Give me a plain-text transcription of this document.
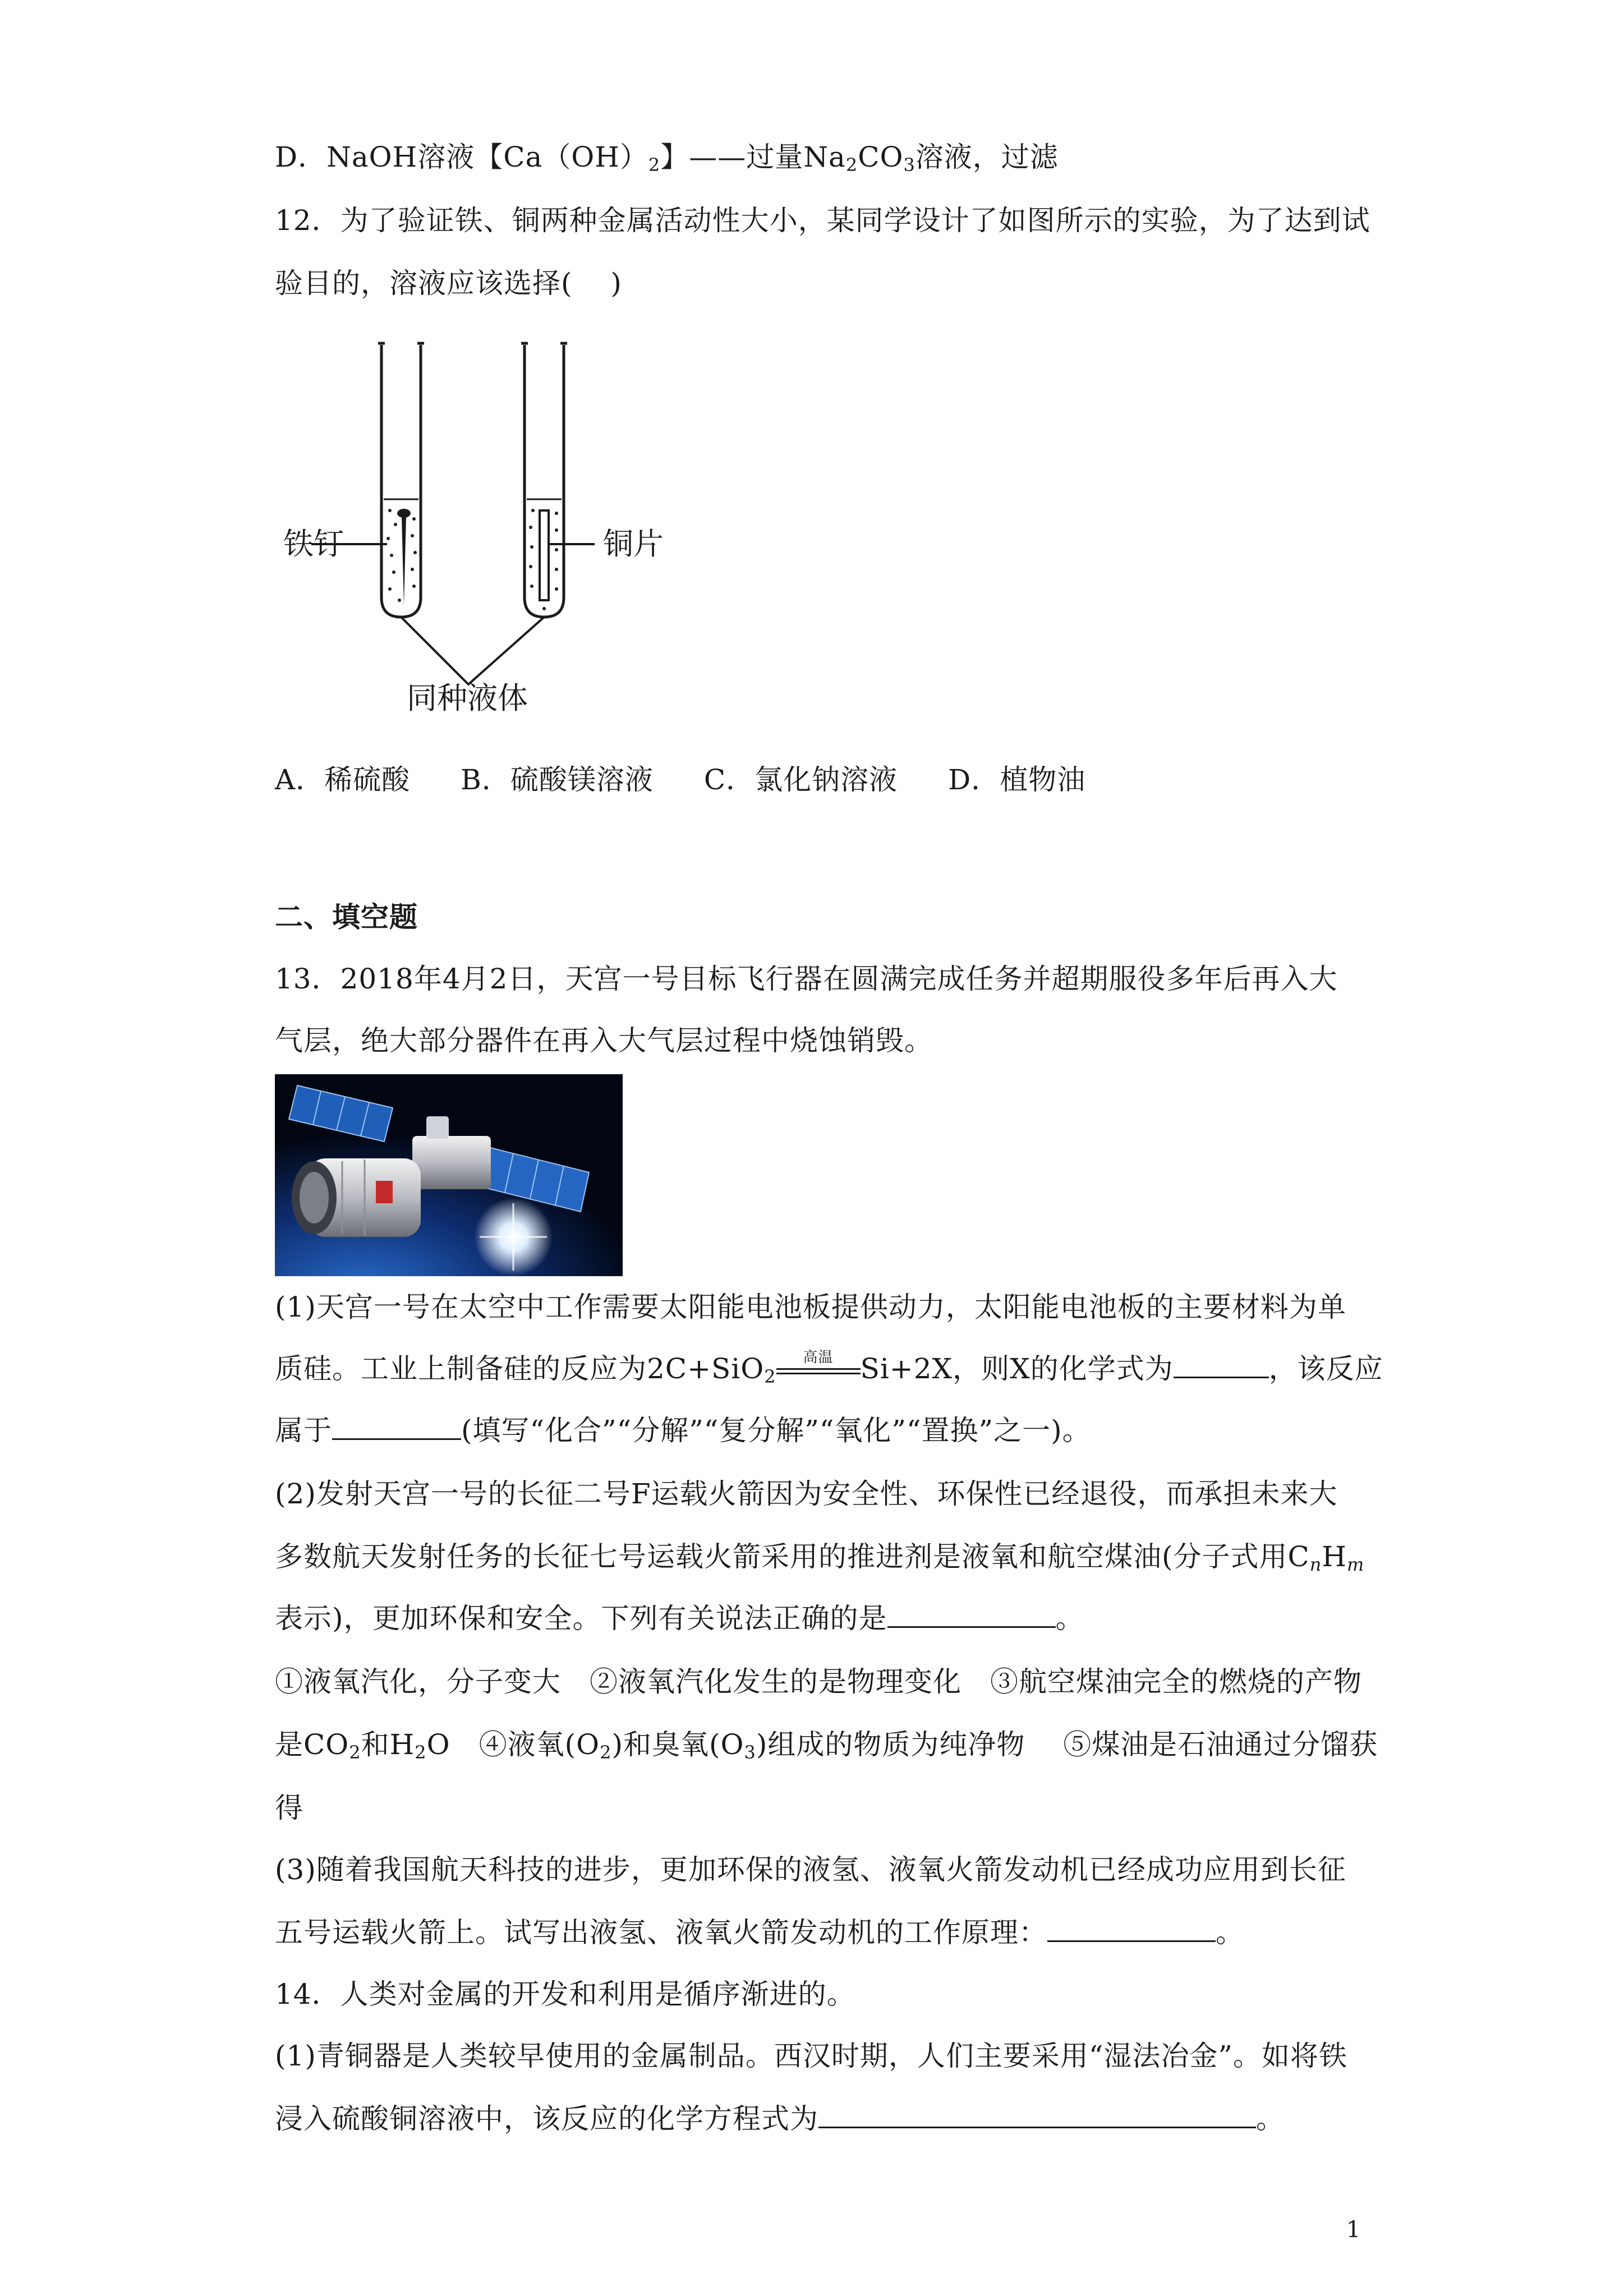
D．NaOH溶液【$Ca(OH)_2$】——过量$Na_2CO_3$溶液，过滤
12．为了验证铁、铜两种金属活动性大小，某同学设计了如图所示的实验，为了达到试
验目的，溶液应该选择(　 )
铁钉	铜片
同种液体
A．稀硫酸 B．硫酸镁溶液 C．氯化钠溶液 D．植物油
二、填空题
13．2018年4月2日，天宫一号目标飞行器在圆满完成任务并超期服役多年后再入大
气层，绝大部分器件在再入大气层过程中烧蚀销毁。
(1)天宫一号在太空中工作需要太阳能电池板提供动力，太阳能电池板的主要材料为单
质硅。工业上制备硅的反应为2C+SiO$_2$
高温 Si+2X，则X的化学式为	，该反应
属于	(填写“化合”“分解”“复分解”“氧化”“置换”之一)。
(2)发射天宫一号的长征二号F运载火箭因为安全性、环保性已经退役，而承担未来大
多数航天发射任务的长征七号运载火箭采用的推进剂是液氧和航空煤油(分子式用$C_nH_m$
表示)，更加环保和安全。下列有关说法正确的是	。
①液氧汽化，分子变大　②液氧汽化发生的是物理变化　③航空煤油完全的燃烧的产物
是$CO_2$和$H_2O$　④液氧$(O_2)$和臭氧$(O_3)$组成的物质为纯净物　 ⑤煤油是石油通过分馏获
得
(3)随着我国航天科技的进步，更加环保的液氢、液氧火箭发动机已经成功应用到长征
五号运载火箭上。试写出液氢、液氧火箭发动机的工作原理：	。
14．人类对金属的开发和利用是循序渐进的。
(1)青铜器是人类较早使用的金属制品。西汉时期，人们主要采用“湿法冶金”。如将铁
浸入硫酸铜溶液中，该反应的化学方程式为	。
1
